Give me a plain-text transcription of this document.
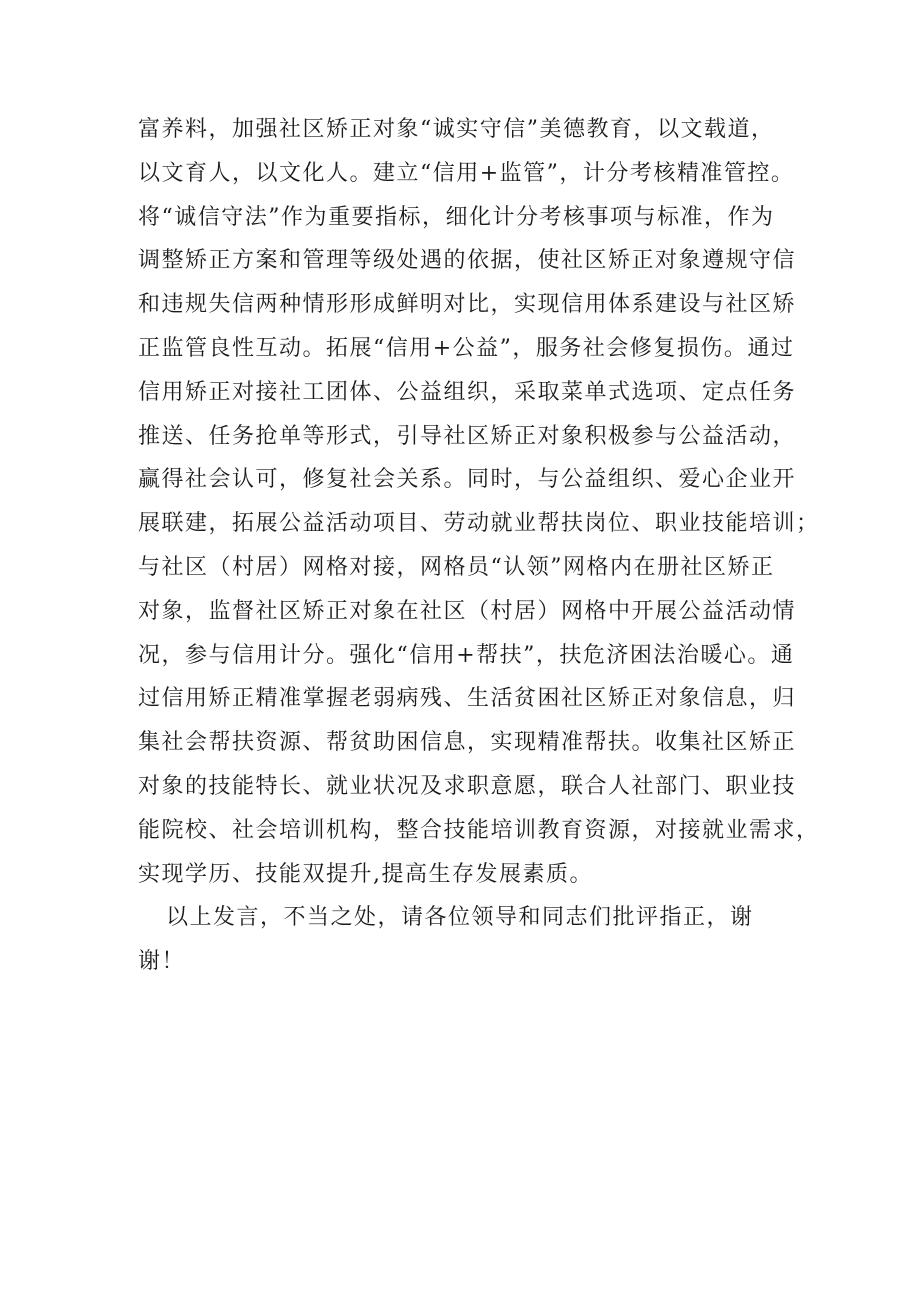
富养料，加强社区矫正对象“诚实守信”美德教育，以文载道，
以文育人，以文化人。建立“信用+监管”，计分考核精准管控。
将“诚信守法”作为重要指标，细化计分考核事项与标准，作为
调整矫正方案和管理等级处遇的依据，使社区矫正对象遵规守信
和违规失信两种情形形成鲜明对比，实现信用体系建设与社区矫
正监管良性互动。拓展“信用+公益”，服务社会修复损伤。通过
信用矫正对接社工团体、公益组织，采取菜单式选项、定点任务
推送、任务抢单等形式，引导社区矫正对象积极参与公益活动，
赢得社会认可，修复社会关系。同时，与公益组织、爱心企业开
展联建，拓展公益活动项目、劳动就业帮扶岗位、职业技能培训；
与社区（村居）网格对接，网格员“认领”网格内在册社区矫正
对象，监督社区矫正对象在社区（村居）网格中开展公益活动情
况，参与信用计分。强化“信用+帮扶”，扶危济困法治暖心。通
过信用矫正精准掌握老弱病残、生活贫困社区矫正对象信息，归
集社会帮扶资源、帮贫助困信息，实现精准帮扶。收集社区矫正
对象的技能特长、就业状况及求职意愿，联合人社部门、职业技
能院校、社会培训机构，整合技能培训教育资源，对接就业需求，
实现学历、技能双提升,提高生存发展素质。
以上发言，不当之处，请各位领导和同志们批评指正，谢
谢！
